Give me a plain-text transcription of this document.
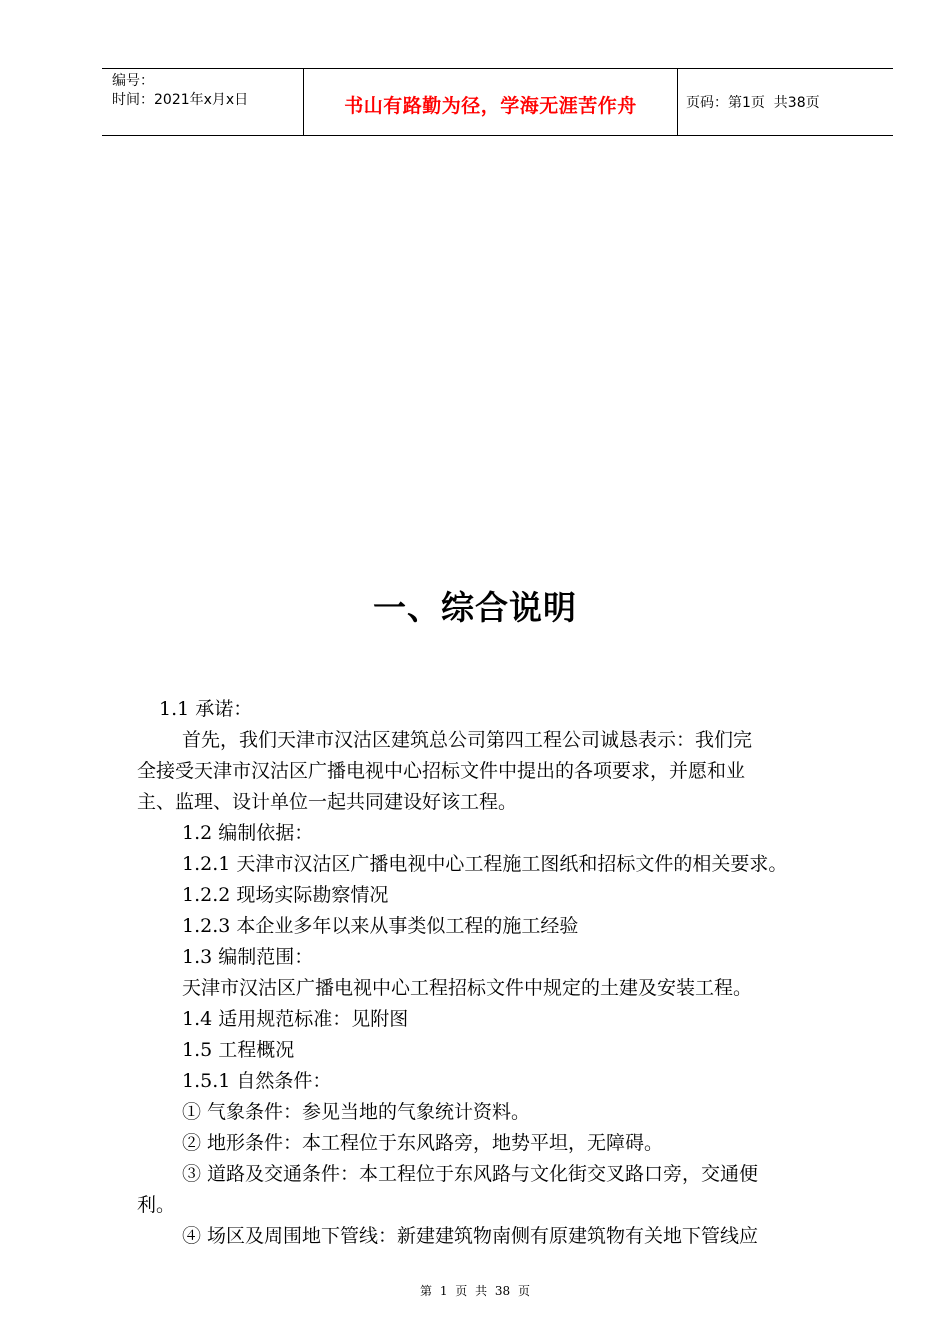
编号：
时间：2021年x月x日	书山有路勤为径，学海无涯苦作舟	页码：第1页  共38页
一、综合说明
1.1 承诺：
首先，我们天津市汉沽区建筑总公司第四工程公司诚恳表示：我们完
全接受天津市汉沽区广播电视中心招标文件中提出的各项要求，并愿和业
主、监理、设计单位一起共同建设好该工程。
1.2 编制依据：
1.2.1 天津市汉沽区广播电视中心工程施工图纸和招标文件的相关要求。
1.2.2 现场实际勘察情况
1.2.3 本企业多年以来从事类似工程的施工经验
1.3 编制范围：
天津市汉沽区广播电视中心工程招标文件中规定的土建及安装工程。
1.4 适用规范标准：见附图
1.5 工程概况
1.5.1 自然条件：
① 气象条件：参见当地的气象统计资料。
② 地形条件：本工程位于东风路旁，地势平坦，无障碍。
③ 道路及交通条件：本工程位于东风路与文化街交叉路口旁，交通便
利。
④ 场区及周围地下管线：新建建筑物南侧有原建筑物有关地下管线应
第 1 页 共 38 页
